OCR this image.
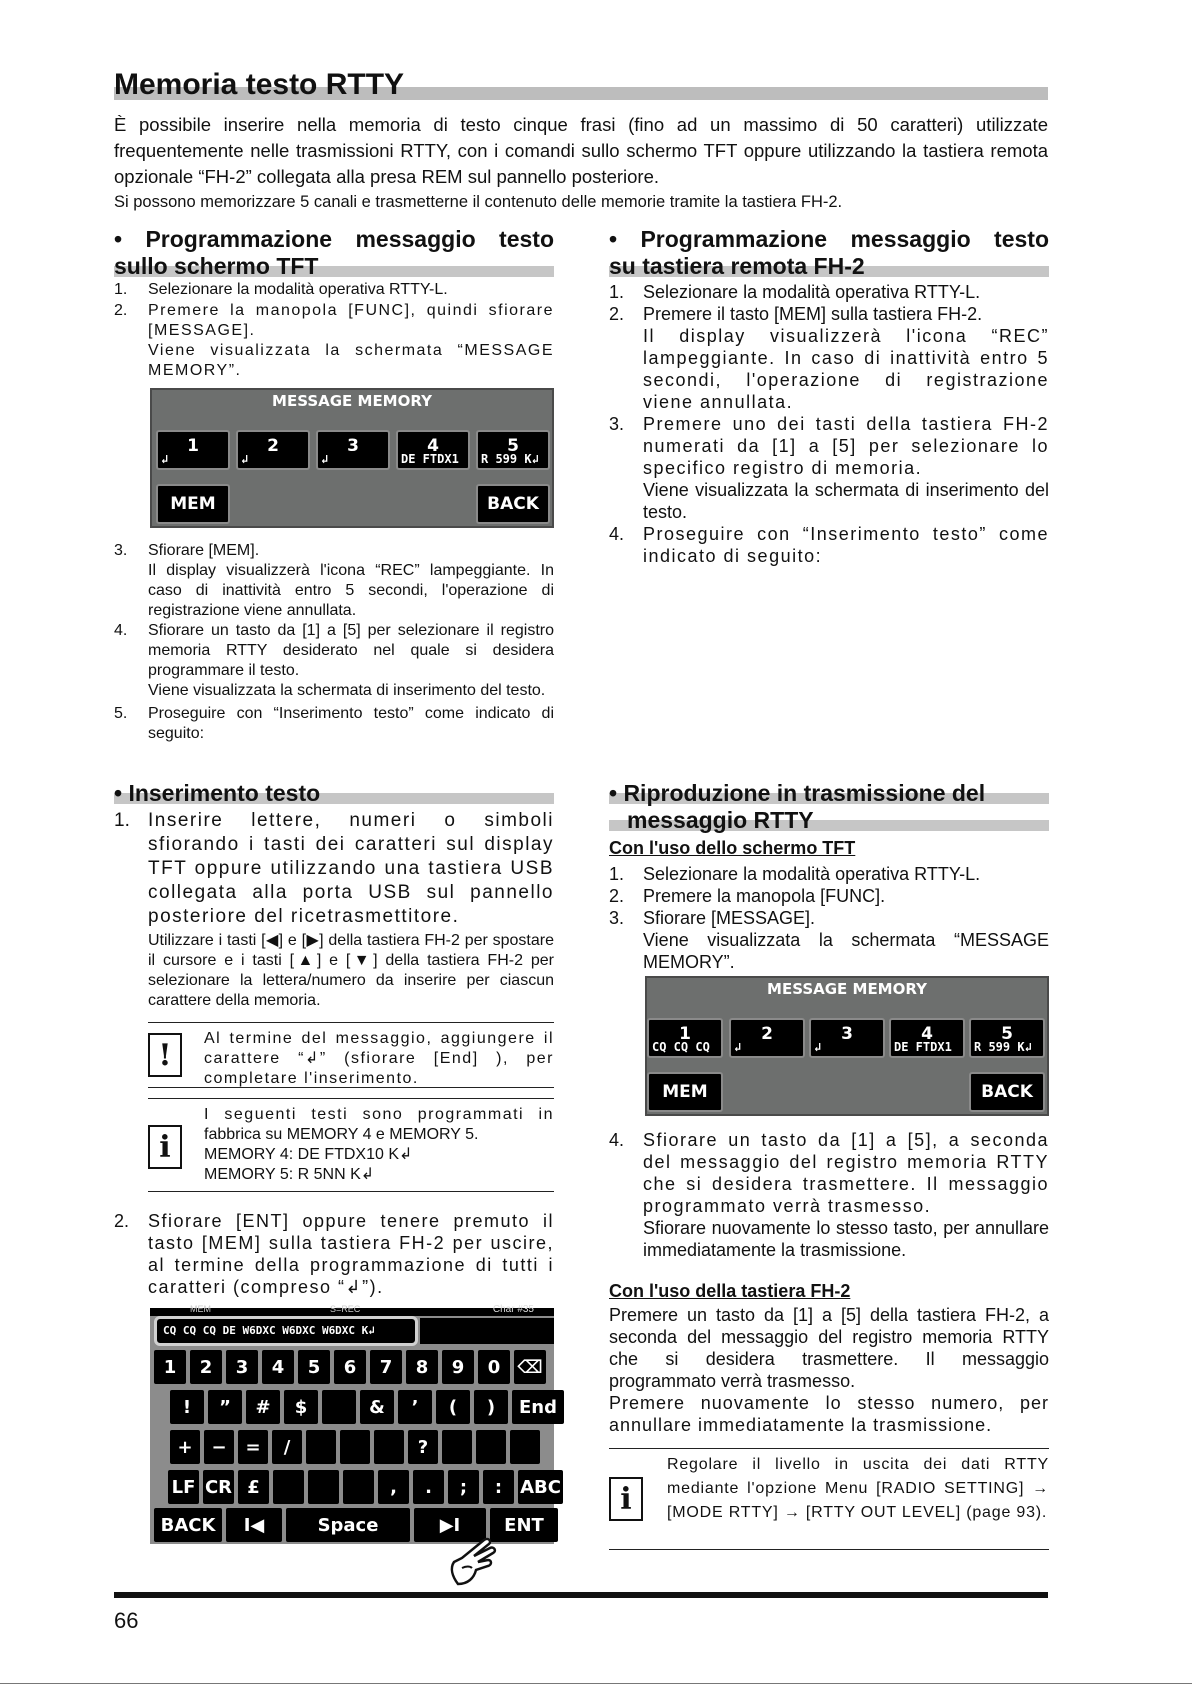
Memoria testo RTTY

È possibile inserire nella memoria di testo cinque frasi (fino ad un massimo di 50 caratteri) utilizzate frequentemente nelle trasmissioni RTTY, con i comandi sullo schermo TFT oppure utilizzando la tastiera remota opzionale “FH-2” collegata alla presa REM sul pannello posteriore.

Si possono memorizzare 5 canali e trasmetterne il contenuto delle memorie tramite la tastiera FH-2.

• Programmazione messaggio testo
sullo schermo TFT
1. Selezionare la modalità operativa RTTY-L.
2. Premere la manopola [FUNC], quindi sfiorare [MESSAGE].
Viene visualizzata la schermata “MESSAGE MEMORY”.
MESSAGE MEMORY
1
↲
2
↲
3
↲
4
DE FTDX1
5
R 599 K↲
MEM	BACK
3. Sfiorare [MEM].
Il display visualizzerà l'icona “REC” lampeggiante. In caso di inattività entro 5 secondi, l'operazione di registrazione viene annullata.
4. Sfiorare un tasto da [1] a [5] per selezionare il registro memoria RTTY desiderato nel quale si desidera programmare il testo.
Viene visualizzata la schermata di inserimento del testo.
5. Proseguire con “Inserimento testo” come indicato di seguito:
• Inserimento testo
1. Inserire lettere, numeri o simboli sfiorando i tasti dei caratteri sul display TFT oppure utilizzando una tastiera USB collegata alla porta USB sul pannello posteriore del ricetrasmettitore.
Utilizzare i tasti [◀] e [▶] della tastiera FH-2 per spostare il cursore e i tasti [▲] e [▼] della tastiera FH-2 per selezionare la lettera/numero da inserire per ciascun carattere della memoria.
!	Al termine del messaggio, aggiungere il carattere “↲” (sfiorare [End] ), per completare l'inserimento.
i
I seguenti testi sono programmati in
fabbrica su MEMORY 4 e MEMORY 5.
MEMORY 4: DE FTDX10 K↲
MEMORY 5: R 5NN K↲
2. Sfiorare [ENT] oppure tenere premuto il tasto [MEM] sulla tastiera FH-2 per uscire, al termine della programmazione di tutti i caratteri (compreso “↲”).
MEM	S=REC	Char #35
CQ CQ CQ DE W6DXC W6DXC W6DXC K↲
1	2	3	4	5	6	7	8	9	0 ⌫
!	”	#	$	&	’	(	)	End
+	−	=	/	?
LF CR £	,	.	;	: ABC
BACK	I◀	Space	▶I	ENT
• Programmazione messaggio testo
su tastiera remota FH-2
1. Selezionare la modalità operativa RTTY-L.
2. Premere il tasto [MEM] sulla tastiera FH-2.
Il display visualizzerà l'icona “REC” lampeggiante. In caso di inattività entro 5 secondi, l'operazione di registrazione viene annullata.
3. Premere uno dei tasti della tastiera FH-2 numerati da [1] a [5] per selezionare lo specifico registro di memoria.
Viene visualizzata la schermata di inserimento del testo.
4. Proseguire con “Inserimento testo” come indicato di seguito:
• Riproduzione in trasmissione del
messaggio RTTY
Con l'uso dello schermo TFT
1. Selezionare la modalità operativa RTTY-L.
2. Premere la manopola [FUNC].
3. Sfiorare [MESSAGE].
Viene visualizzata la schermata “MESSAGE MEMORY”.
MESSAGE MEMORY
1
CQ CQ CQ
2
↲
3
↲
4
DE FTDX1
5
R 599 K↲
MEM	BACK
4. Sfiorare un tasto da [1] a [5], a seconda del messaggio del registro memoria RTTY che si desidera trasmettere. Il messaggio programmato verrà trasmesso.
Sfiorare nuovamente lo stesso tasto, per annullare immediatamente la trasmissione.
Con l'uso della tastiera FH-2

Premere un tasto da [1] a [5] della tastiera FH-2, a seconda del messaggio del registro memoria RTTY che si desidera trasmettere. Il messaggio programmato verrà trasmesso.

Premere nuovamente lo stesso numero, per annullare immediatamente la trasmissione.

i
Regolare il livello in uscita dei dati RTTY mediante l'opzione Menu [RADIO SETTING] → [MODE RTTY] → [RTTY OUT LEVEL] (page 93).
66
